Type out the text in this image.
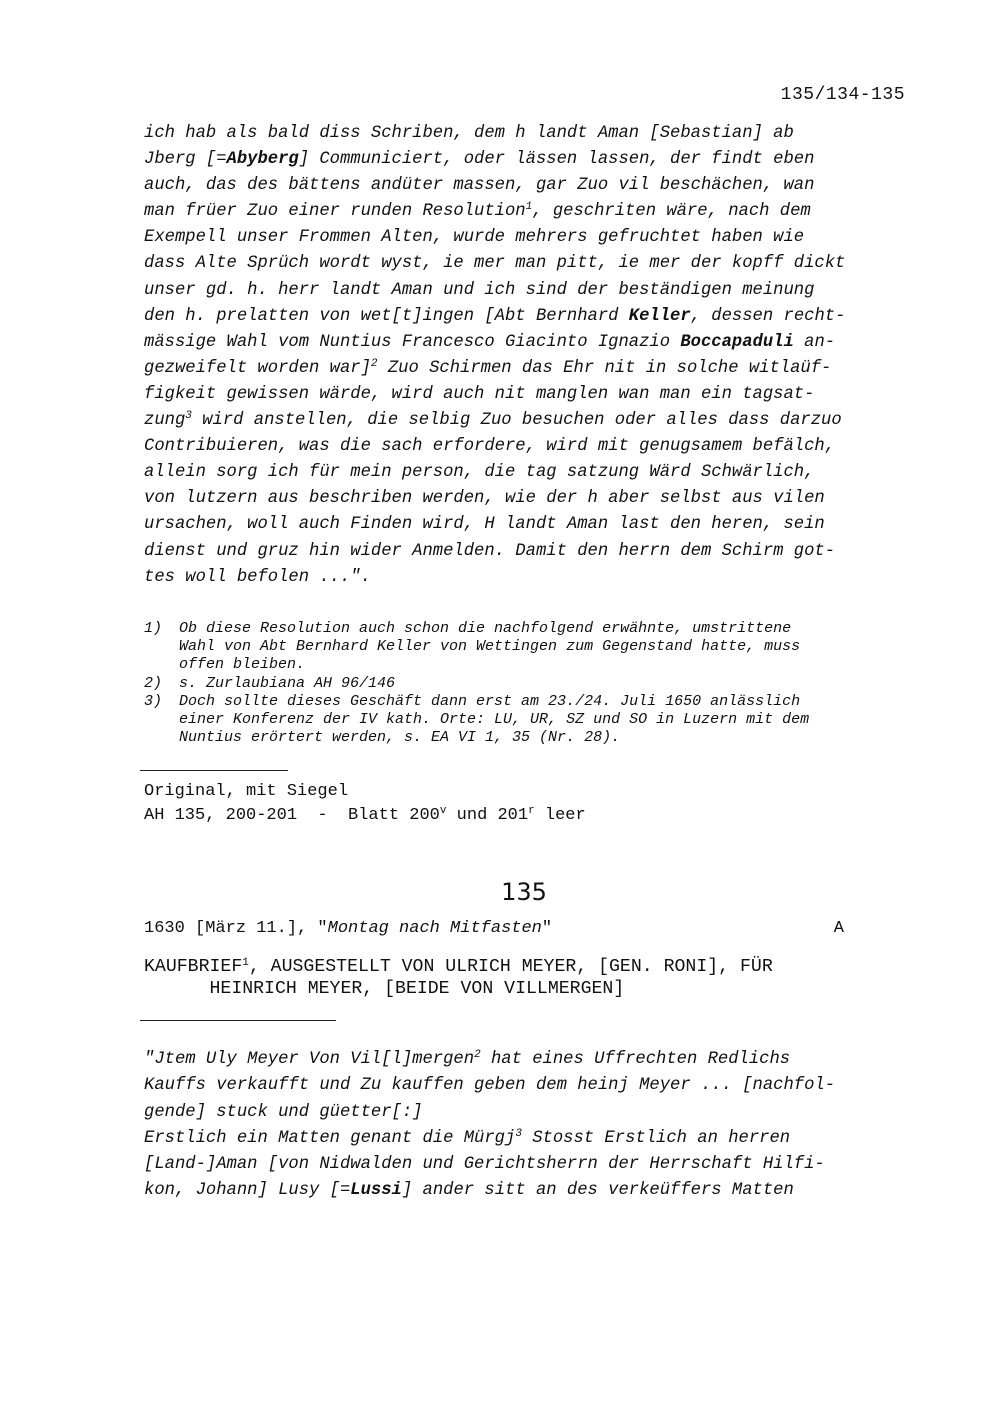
135/134-135
ich hab als bald diss Schriben, dem h landt Aman [Sebastian] ab
Jberg [=Abyberg] Communiciert, oder lässen lassen, der findt eben
auch, das des bättens andüter massen, gar Zuo vil beschächen, wan
man früer Zuo einer runden Resolution$^1$, geschriten wäre, nach dem
Exempell unser Frommen Alten, wurde mehrers gefruchtet haben wie
dass Alte Sprüch wordt wyst, ie mer man pitt, ie mer der kopff dickt
unser gd. h. herr landt Aman und ich sind der beständigen meinung
den h. prelatten von wet[t]ingen [Abt Bernhard Keller, dessen recht-
mässige Wahl vom Nuntius Francesco Giacinto Ignazio Boccapaduli an-
gezweifelt worden war]$^2$ Zuo Schirmen das Ehr nit in solche witlaüf-
figkeit gewissen wärde, wird auch nit manglen wan man ein tagsat-
zung$^3$ wird anstellen, die selbig Zuo besuchen oder alles dass darzuo
Contribuieren, was die sach erfordere, wird mit genugsamem befälch,
allein sorg ich für mein person, die tag satzung Wärd Schwärlich,
von lutzern aus beschriben werden, wie der h aber selbst aus vilen
ursachen, woll auch Finden wird, H landt Aman last den heren, sein
dienst und gruz hin wider Anmelden. Damit den herrn dem Schirm got-
tes woll befolen ...".
1)	Ob diese Resolution auch schon die nachfolgend erwähnte, umstrittene
Wahl von Abt Bernhard Keller von Wettingen zum Gegenstand hatte, muss
offen bleiben.
2)	s. Zurlaubiana AH 96/146
3)	Doch sollte dieses Geschäft dann erst am 23./24. Juli 1650 anlässlich
einer Konferenz der IV kath. Orte: LU, UR, SZ und SO in Luzern mit dem
Nuntius erörtert werden, s. EA VI 1, 35 (Nr. 28).
Original, mit Siegel
AH 135, 200-201  -  Blatt 200$^v$ und 201$^r$ leer
135
1630 [März 11.], "Montag nach Mitfasten"	A
KAUFBRIEF$^1$, AUSGESTELLT VON ULRICH MEYER, [GEN. RONI], FÜR
HEINRICH MEYER, [BEIDE VON VILLMERGEN]
"Jtem Uly Meyer Von Vil[l]mergen$^2$ hat eines Uffrechten Redlichs
Kauffs verkaufft und Zu kauffen geben dem heinj Meyer ... [nachfol-
gende] stuck und güetter[:]
Erstlich ein Matten genant die Mürgj$^3$ Stosst Erstlich an herren
[Land-]Aman [von Nidwalden und Gerichtsherrn der Herrschaft Hilfi-
kon, Johann] Lusy [=Lussi] ander sitt an des verkeüffers Matten
